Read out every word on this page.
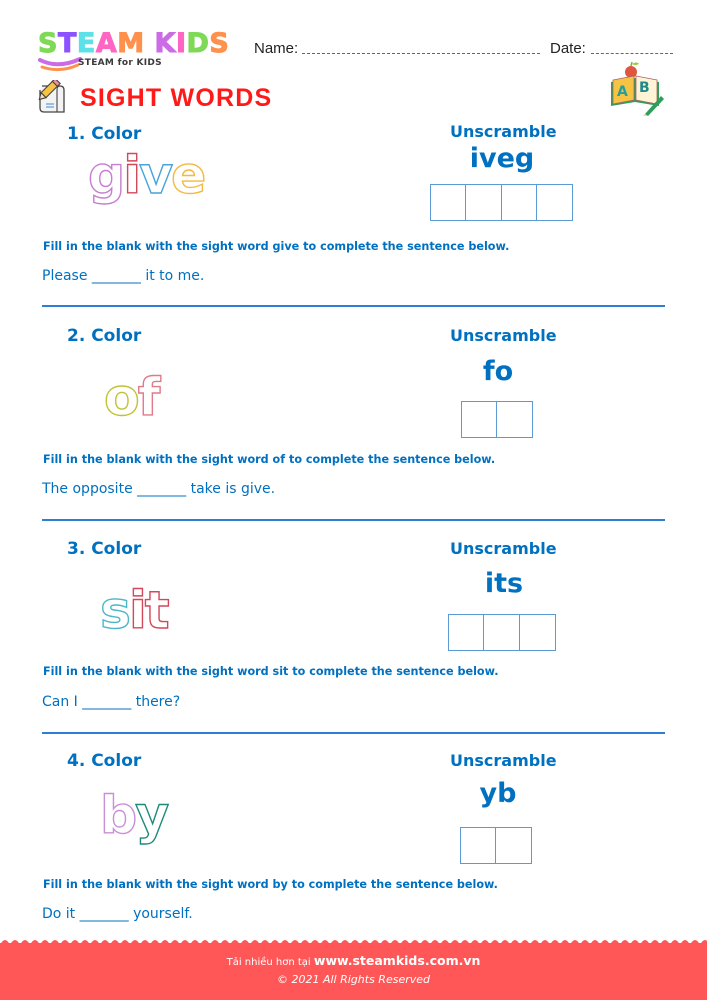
S T E A M
K I D S
STEAM for KIDS
Name:	Date:
SIGHT WORDS	A B
1. Color
give
Unscramble
iveg
Fill in the blank with the sight word give to complete the sentence below.
Please _______ it to me.
2. Color
of
Unscramble
fo
Fill in the blank with the sight word of to complete the sentence below.
The opposite _______ take is give.
3. Color
sit
Unscramble
its
Fill in the blank with the sight word sit to complete the sentence below.
Can I _______ there?
4. Color
by
Unscramble
yb
Fill in the blank with the sight word by to complete the sentence below.
Do it _______ yourself.
Tải nhiều hơn tại www.steamkids.com.vn
© 2021 All Rights Reserved
